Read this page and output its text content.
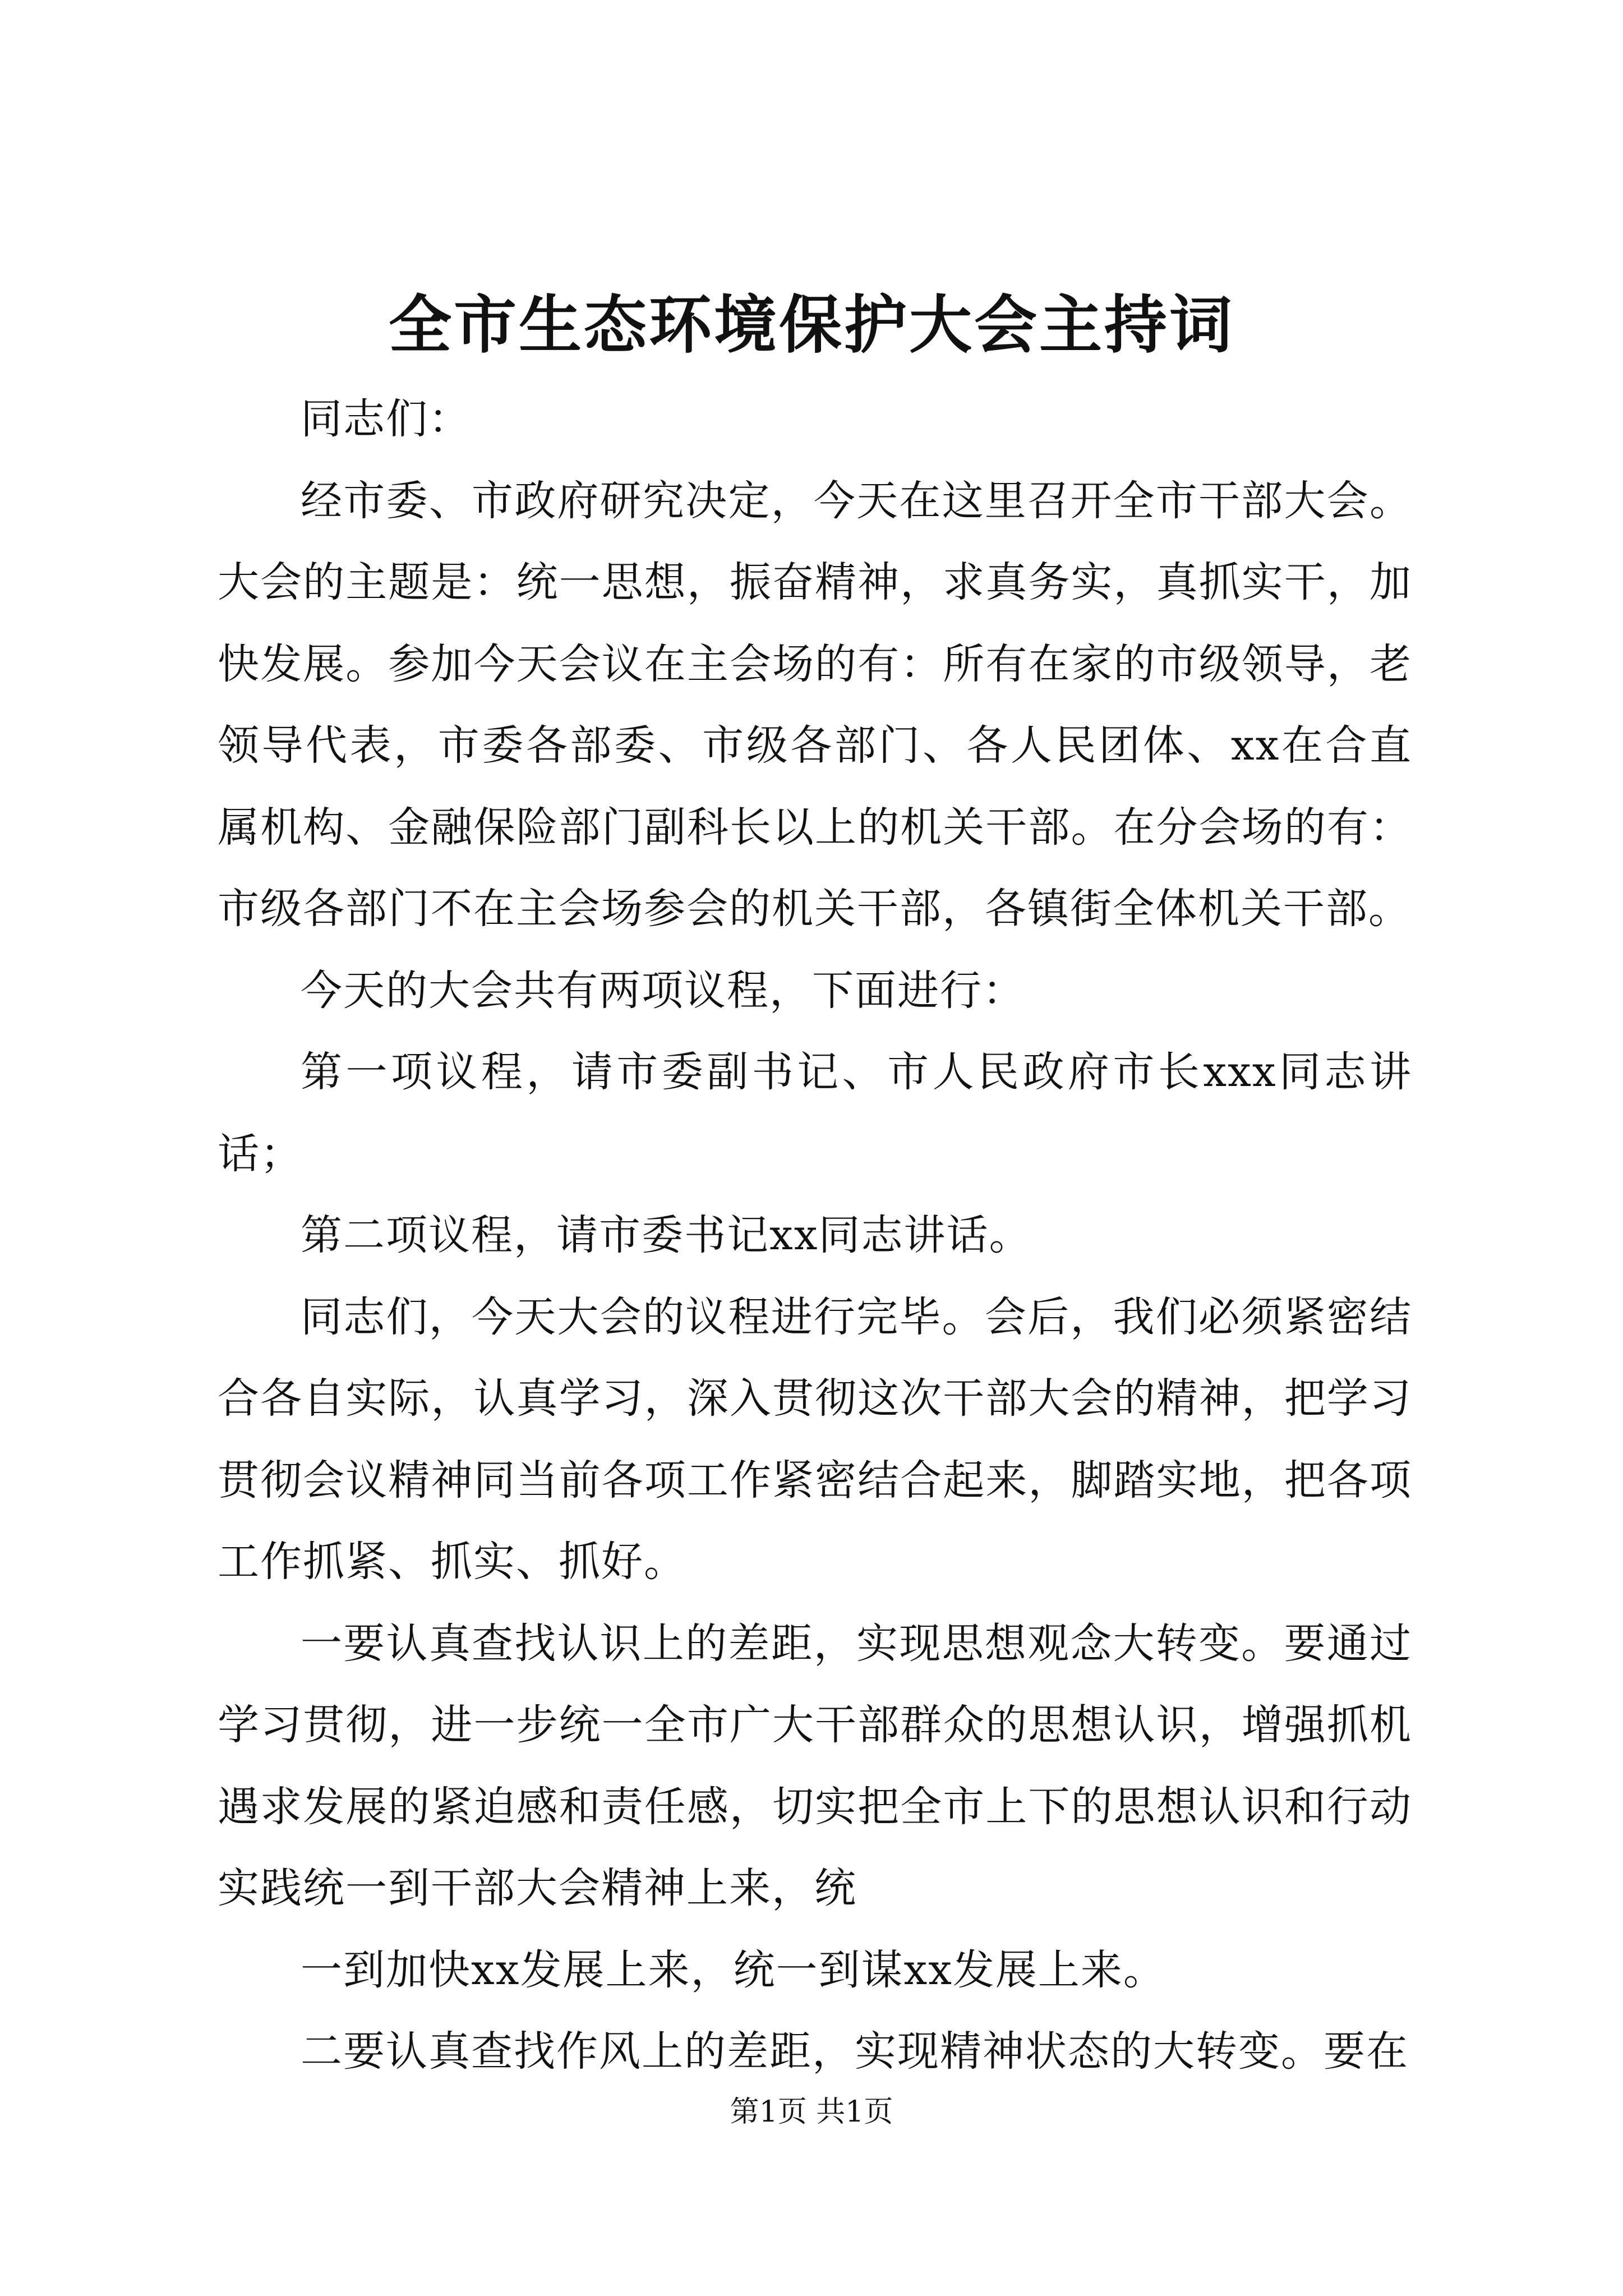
全市生态环境保护大会主持词

同志们：

经市委、市政府研究决定，今天在这里召开全市干部大会。大会的主题是：统一思想，振奋精神，求真务实，真抓实干，加快发展。参加今天会议在主会场的有：所有在家的市级领导，老领导代表，市委各部委、市级各部门、各人民团体、xx在合直属机构、金融保险部门副科长以上的机关干部。在分会场的有：市级各部门不在主会场参会的机关干部，各镇街全体机关干部。

今天的大会共有两项议程，下面进行：

第一项议程，请市委副书记、市人民政府市长xxx同志讲话；

第二项议程，请市委书记xx同志讲话。

同志们，今天大会的议程进行完毕。会后，我们必须紧密结合各自实际，认真学习，深入贯彻这次干部大会的精神，把学习贯彻会议精神同当前各项工作紧密结合起来，脚踏实地，把各项工作抓紧、抓实、抓好。

一要认真查找认识上的差距，实现思想观念大转变。要通过学习贯彻，进一步统一全市广大干部群众的思想认识，增强抓机遇求发展的紧迫感和责任感，切实把全市上下的思想认识和行动实践统一到干部大会精神上来，统

一到加快xx发展上来，统一到谋xx发展上来。

二要认真查找作风上的差距，实现精神状态的大转变。要在

第1页 共1页
